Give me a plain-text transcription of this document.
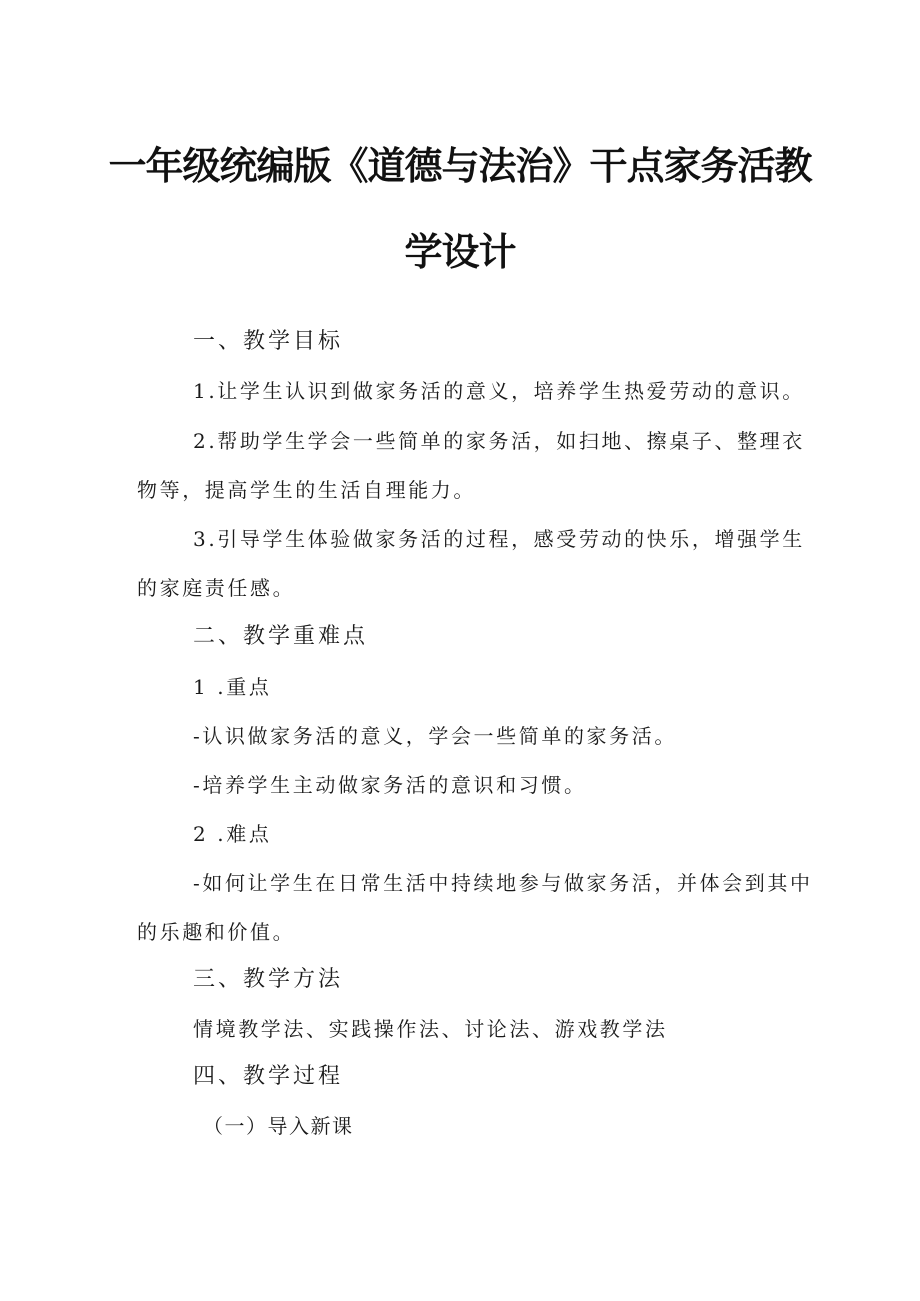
一年级统编版《道德与法治》干点家务活教
学设计
一、教学目标
1.让学生认识到做家务活的意义，培养学生热爱劳动的意识。
2.帮助学生学会一些简单的家务活，如扫地、擦桌子、整理衣
物等，提高学生的生活自理能力。
3.引导学生体验做家务活的过程，感受劳动的快乐，增强学生
的家庭责任感。
二、教学重难点
1 .重点
-认识做家务活的意义，学会一些简单的家务活。
-培养学生主动做家务活的意识和习惯。
2 .难点
-如何让学生在日常生活中持续地参与做家务活，并体会到其中
的乐趣和价值。
三、教学方法
情境教学法、实践操作法、讨论法、游戏教学法
四、教学过程
（一）导入新课
